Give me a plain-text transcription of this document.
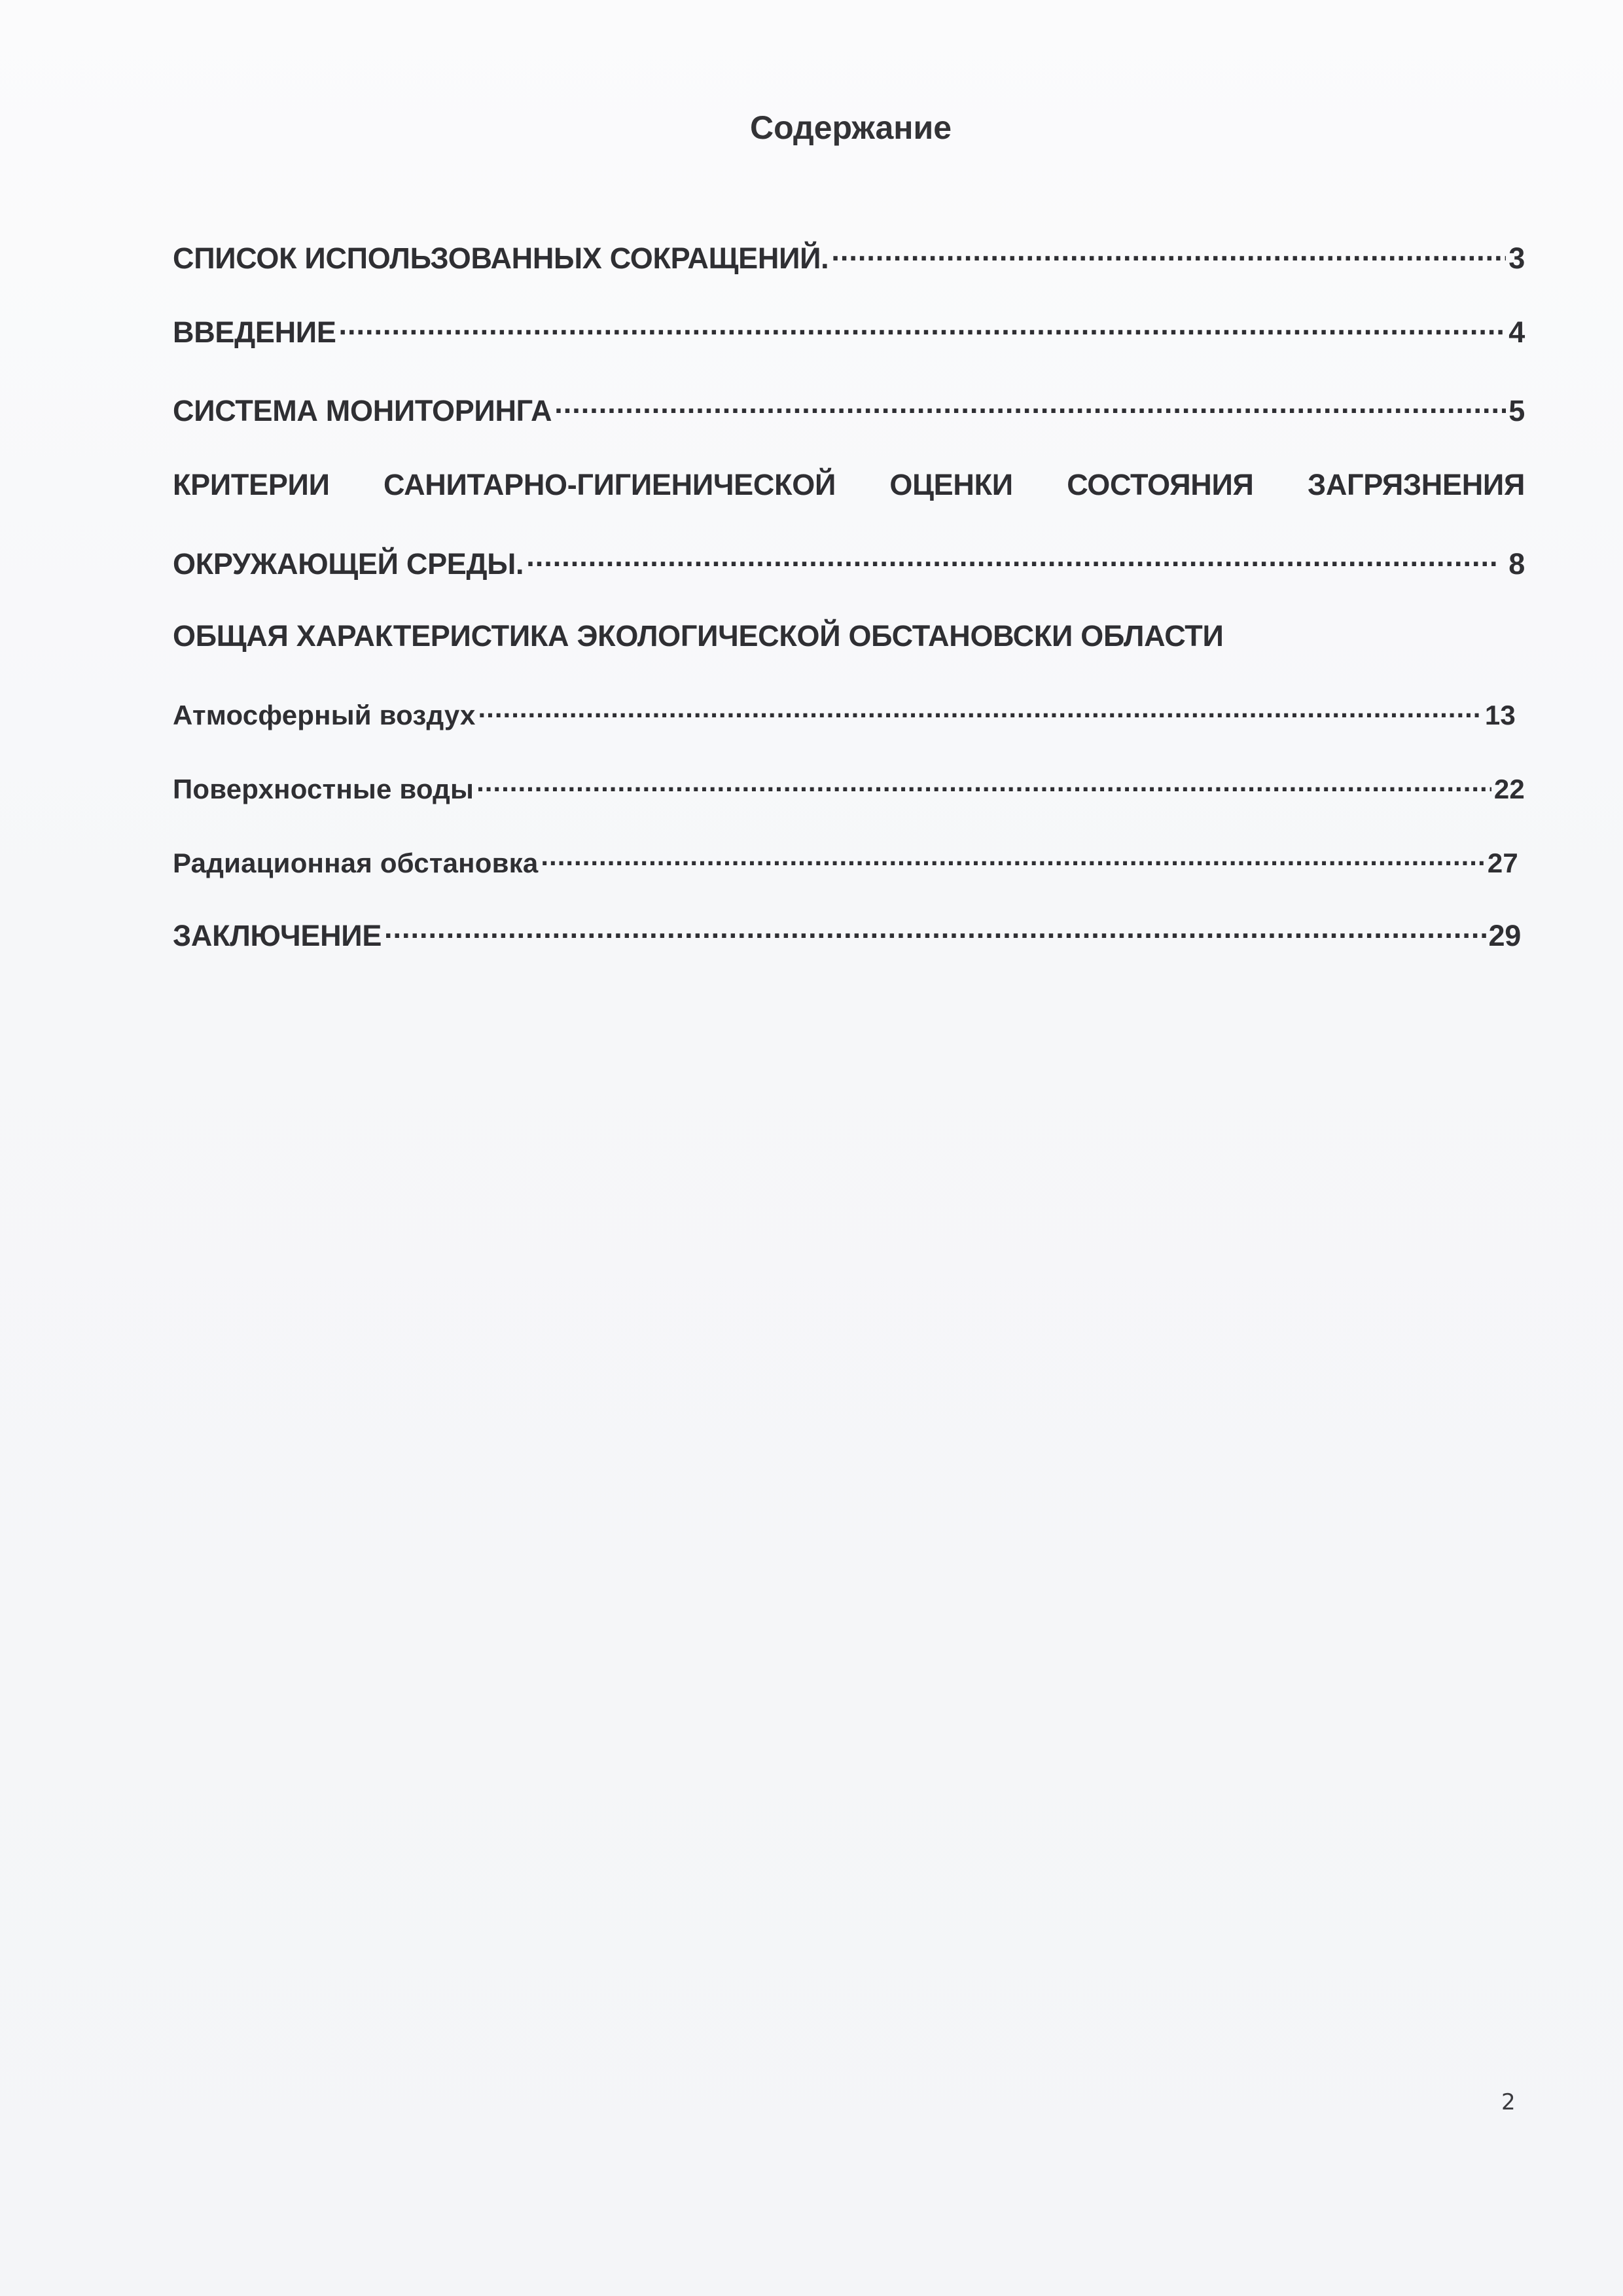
Содержание
СПИСОК ИСПОЛЬЗОВАННЫХ СОКРАЩЕНИЙ. .....	3
ВВЕДЕНИЕ .....	4
СИСТЕМА МОНИТОРИНГА .....	5
КРИТЕРИИ САНИТАРНО-ГИГИЕНИЧЕСКОЙ ОЦЕНКИ СОСТОЯНИЯ ЗАГРЯЗНЕНИЯ
ОКРУЖАЮЩЕЙ СРЕДЫ. .....	8
ОБЩАЯ ХАРАКТЕРИСТИКА ЭКОЛОГИЧЕСКОЙ ОБСТАНОВСКИ ОБЛАСТИ
Атмосферный воздух .....	13
Поверхностные воды .....	22
Радиационная обстановка .....	27
ЗАКЛЮЧЕНИЕ .....	29
2
